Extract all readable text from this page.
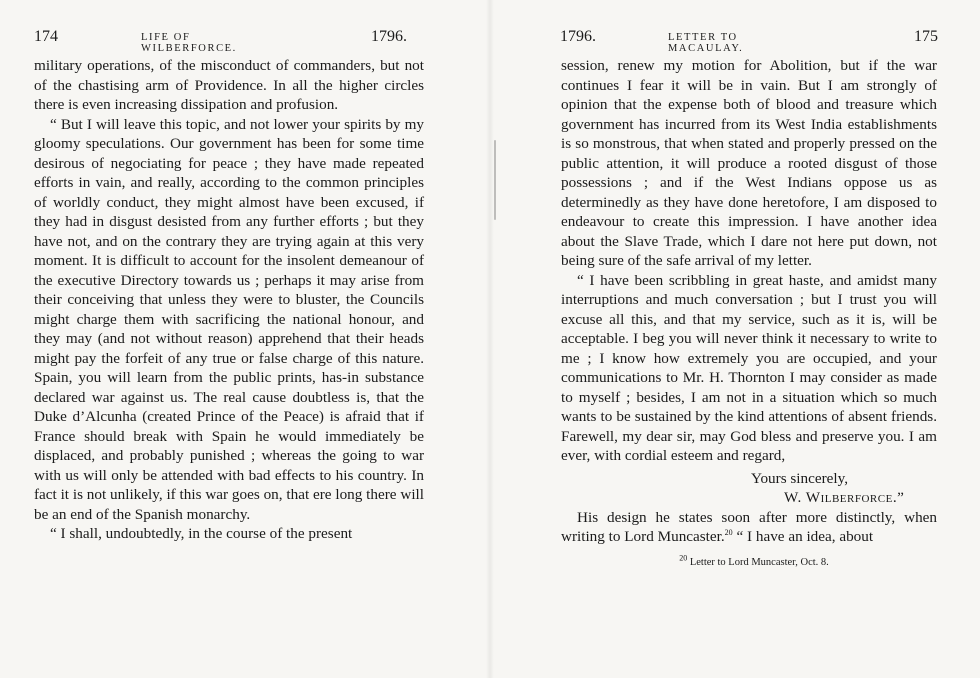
174	LIFE OF WILBERFORCE.
1796.

military operations, of the misconduct of commanders, but not of the chastising arm of Providence. In all the higher circles there is even increasing dissipation and profusion.

“ But I will leave this topic, and not lower your spirits by my gloomy speculations. Our government has been for some time desirous of negociating for peace ; they have made repeated efforts in vain, and really, according to the common principles of worldly conduct, they might almost have been excused, if they had in disgust desisted from any further efforts ; but they have not, and on the contrary they are trying again at this very moment. It is difficult to account for the insolent demeanour of the executive Directory towards us ; perhaps it may arise from their conceiving that unless they were to bluster, the Councils might charge them with sacrificing the national honour, and they may (and not without reason) apprehend that their heads might pay the forfeit of any true or false charge of this nature. Spain, you will learn from the public prints, has-in substance declared war against us. The real cause doubtless is, that the Duke d’Alcunha (created Prince of the Peace) is afraid that if France should break with Spain he would immediately be displaced, and probably punished ; whereas the going to war with us will only be attended with bad effects to his country. In fact it is not unlikely, if this war goes on, that ere long there will be an end of the Spanish monarchy.

“ I shall, undoubtedly, in the course of the present

1796.	LETTER TO MACAULAY.
175

session, renew my motion for Abolition, but if the war continues I fear it will be in vain. But I am strongly of opinion that the expense both of blood and treasure which government has incurred from its West India establishments is so monstrous, that when stated and properly pressed on the public attention, it will produce a rooted disgust of those possessions ; and if the West Indians oppose us as determinedly as they have done heretofore, I am disposed to endeavour to create this impression. I have another idea about the Slave Trade, which I dare not here put down, not being sure of the safe arrival of my letter.

“ I have been scribbling in great haste, and amidst many interruptions and much conversation ; but I trust you will excuse all this, and that my service, such as it is, will be acceptable. I beg you will never think it necessary to write to me ; I know how extremely you are occupied, and your communications to Mr. H. Thornton I may consider as made to myself ; besides, I am not in a situation which so much wants to be sustained by the kind attentions of absent friends. Farewell, my dear sir, may God bless and preserve you. I am ever, with cordial esteem and regard,

Yours sincerely,
W. Wilberforce.”

His design he states soon after more distinctly, when writing to Lord Muncaster.$^{20}$ “ I have an idea, about

$^{20}$ Letter to Lord Muncaster, Oct. 8.
